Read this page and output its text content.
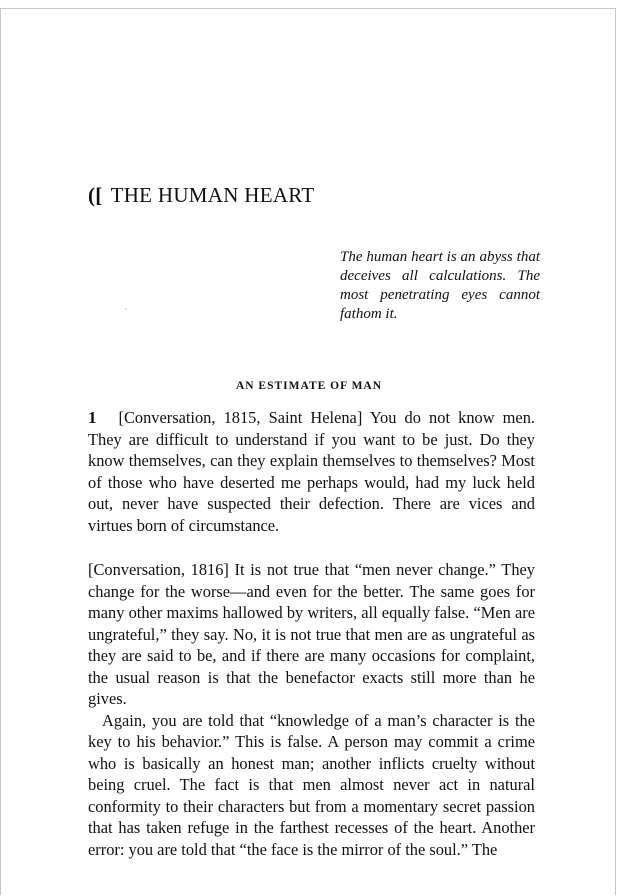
([ THE HUMAN HEART
The human heart is an abyss that deceives all calculations. The most penetrating eyes cannot fathom it.
AN ESTIMATE OF MAN

1 [Conversation, 1815, Saint Helena] You do not know men. They are difficult to understand if you want to be just. Do they know themselves, can they explain themselves to themselves? Most of those who have deserted me perhaps would, had my luck held out, never have suspected their defection. There are vices and virtues born of circumstance.

[Conversation, 1816] It is not true that “men never change.” They change for the worse—and even for the better. The same goes for many other maxims hallowed by writers, all equally false. “Men are ungrateful,” they say. No, it is not true that men are as ungrateful as they are said to be, and if there are many occasions for complaint, the usual reason is that the benefactor exacts still more than he gives.

Again, you are told that “knowledge of a man’s character is the key to his behavior.” This is false. A person may commit a crime who is basically an honest man; another inflicts cruelty without being cruel. The fact is that men almost never act in natural conformity to their characters but from a momentary secret passion that has taken refuge in the farthest recesses of the heart. Another error: you are told that “the face is the mirror of the soul.” The
